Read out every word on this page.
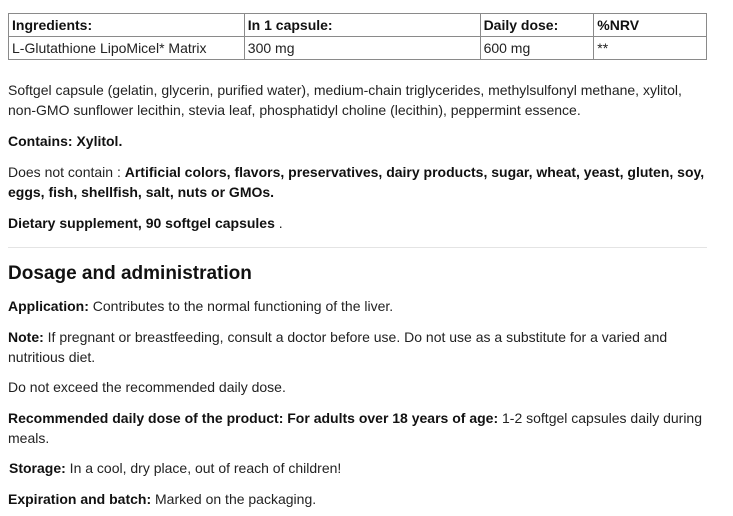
Ingredients:	In 1 capsule:	Daily dose:	%NRV
L-Glutathione LipoMicel* Matrix	300 mg	600 mg	**

Softgel capsule (gelatin, glycerin, purified water), medium-chain triglycerides, methylsulfonyl methane, xylitol, non-GMO sunflower lecithin, stevia leaf, phosphatidyl choline (lecithin), peppermint essence.

Contains: Xylitol.

Does not contain : Artificial colors, flavors, preservatives, dairy products, sugar, wheat, yeast, gluten, soy, eggs, fish, shellfish, salt, nuts or GMOs.

Dietary supplement, 90 softgel capsules .

Dosage and administration

Application: Contributes to the normal functioning of the liver.

Note: If pregnant or breastfeeding, consult a doctor before use. Do not use as a substitute for a varied and nutritious diet.

Do not exceed the recommended daily dose.

Recommended daily dose of the product: For adults over 18 years of age: 1-2 softgel capsules daily during meals.

Storage: In a cool, dry place, out of reach of children!

Expiration and batch: Marked on the packaging.
